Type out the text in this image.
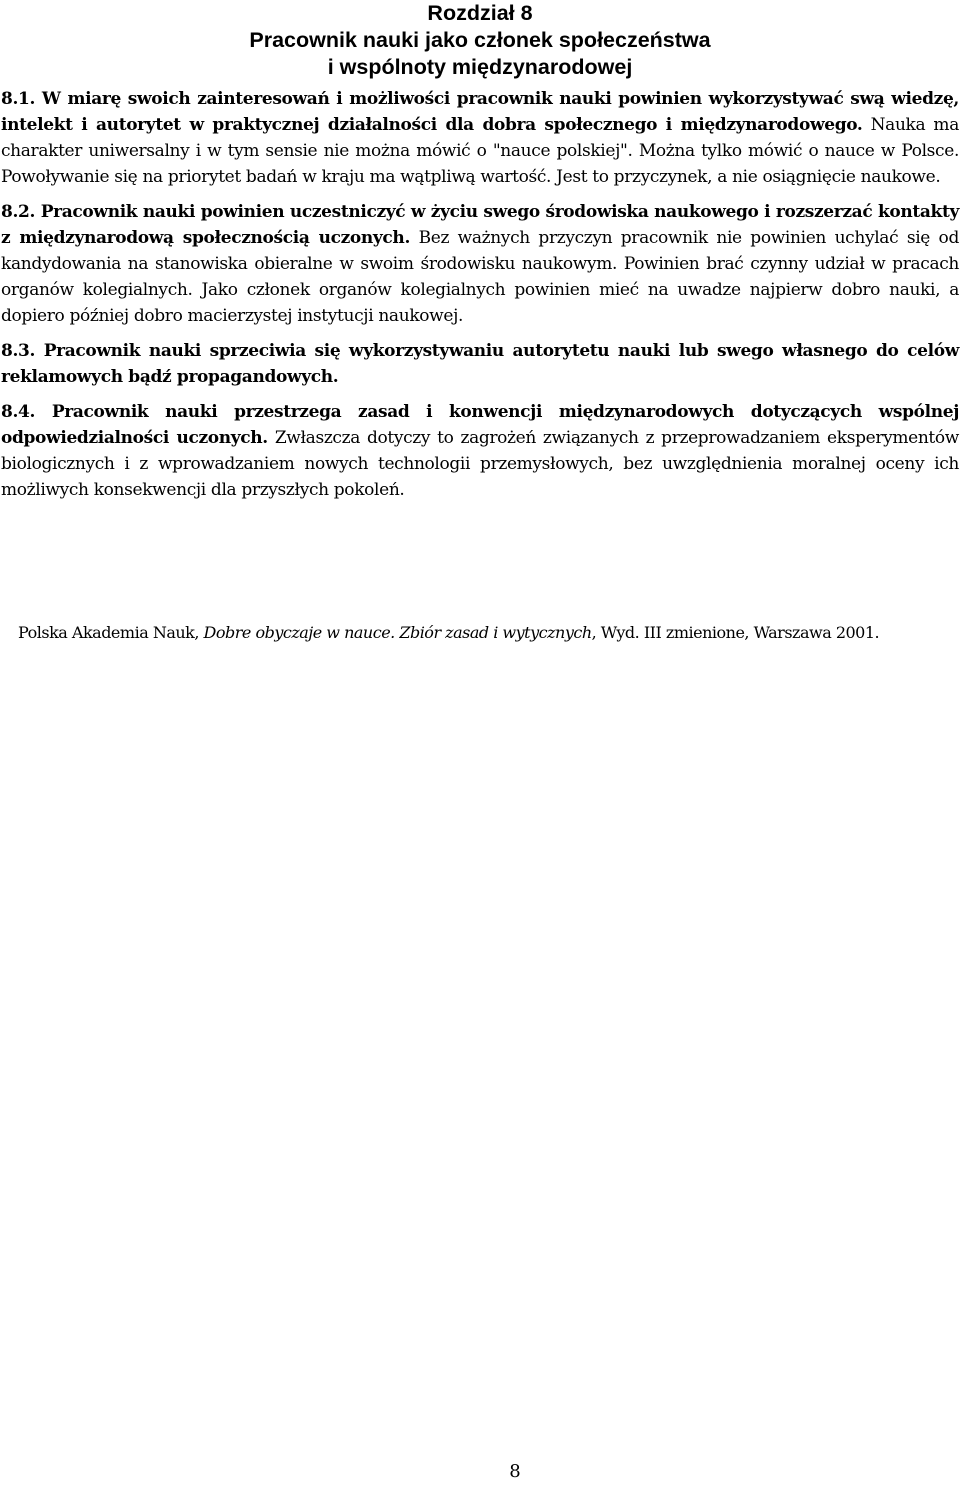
Rozdział 8
Pracownik nauki jako członek społeczeństwa
i wspólnoty międzynarodowej

8.1. W miarę swoich zainteresowań i możliwości pracownik nauki powinien wykorzystywać swą wiedzę, intelekt i autorytet w praktycznej działalności dla dobra społecznego i międzynarodowego. Nauka ma charakter uniwersalny i w tym sensie nie można mówić o "nauce polskiej". Można tylko mówić o nauce w Polsce. Powoływanie się na priorytet badań w kraju ma wątpliwą wartość. Jest to przyczynek, a nie osiągnięcie naukowe.

8.2. Pracownik nauki powinien uczestniczyć w życiu swego środowiska naukowego i rozszerzać kontakty z międzynarodową społecznością uczonych. Bez ważnych przyczyn pracownik nie powinien uchylać się od kandydowania na stanowiska obieralne w swoim środowisku naukowym. Powinien brać czynny udział w pracach organów kolegialnych. Jako członek organów kolegialnych powinien mieć na uwadze najpierw dobro nauki, a dopiero później dobro macierzystej instytucji naukowej.

8.3. Pracownik nauki sprzeciwia się wykorzystywaniu autorytetu nauki lub swego własnego do celów reklamowych bądź propagandowych.

8.4. Pracownik nauki przestrzega zasad i konwencji międzynarodowych dotyczących wspólnej odpowiedzialności uczonych. Zwłaszcza dotyczy to zagrożeń związanych z przeprowadzaniem eksperymentów biologicznych i z wprowadzaniem nowych technologii przemysłowych, bez uwzględnienia moralnej oceny ich możliwych konsekwencji dla przyszłych pokoleń.

Polska Akademia Nauk, Dobre obyczaje w nauce. Zbiór zasad i wytycznych, Wyd. III zmienione, Warszawa 2001.
8
